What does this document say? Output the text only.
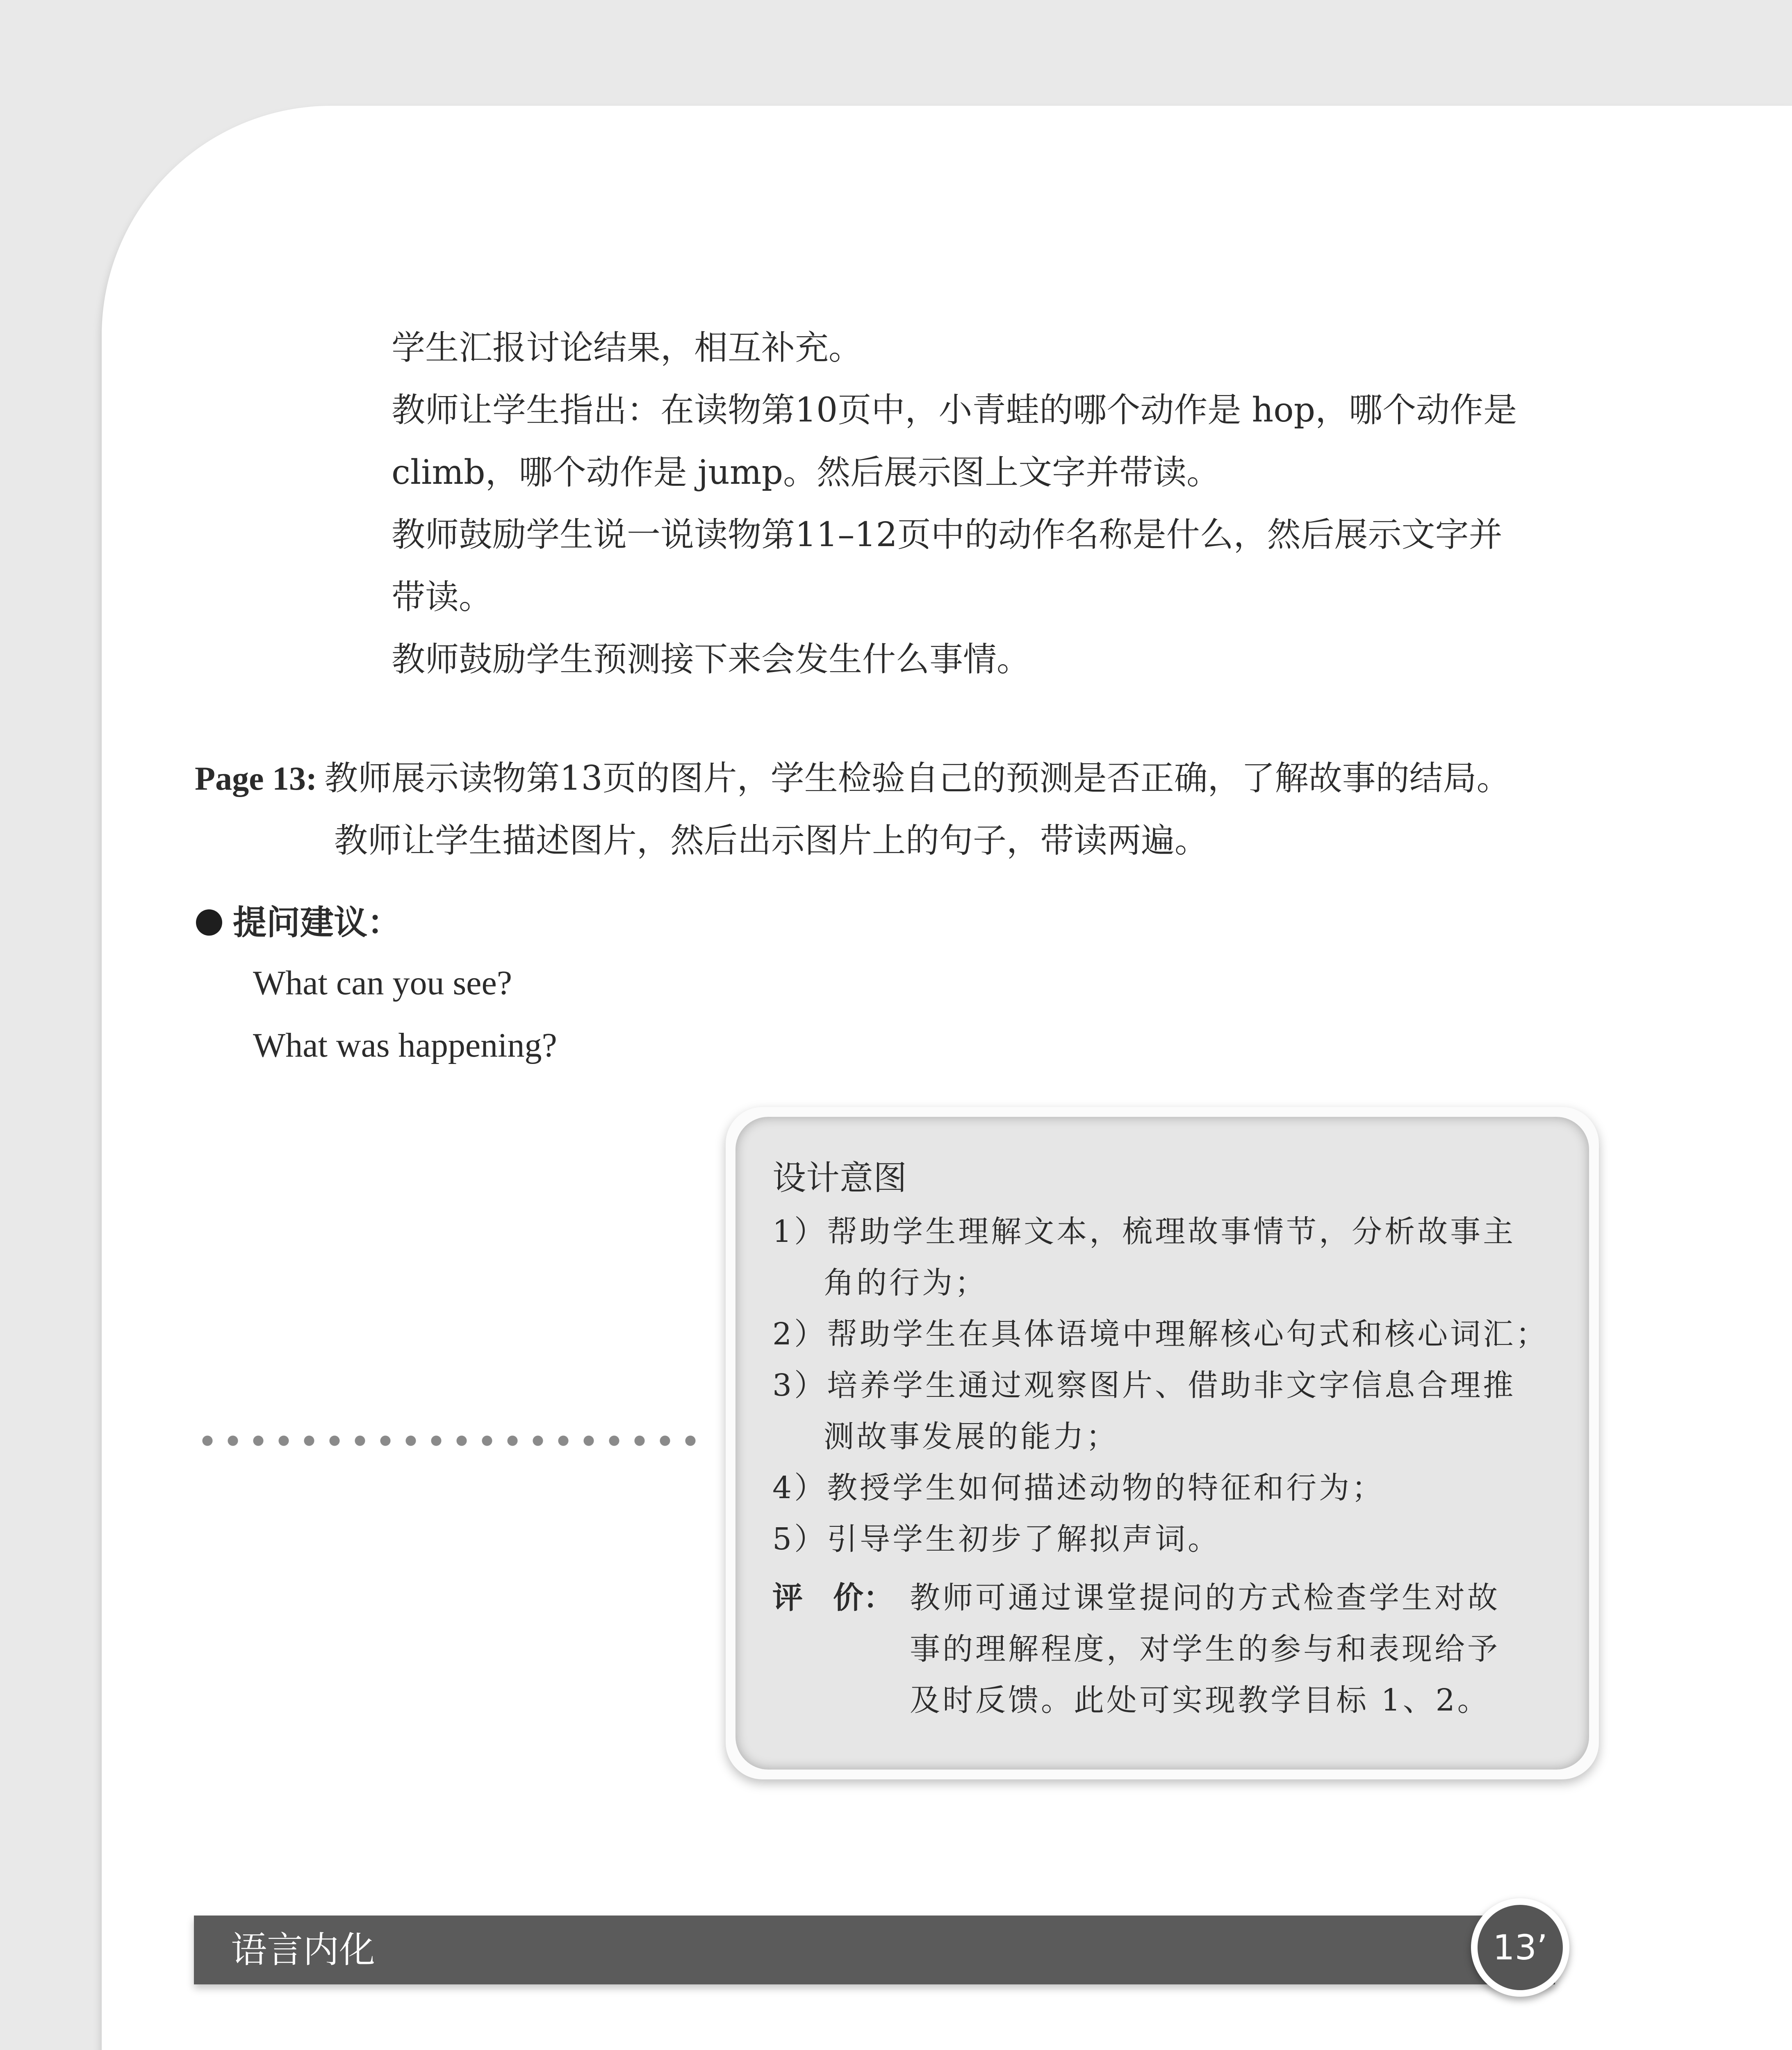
学生汇报讨论结果，相互补充。

教师让学生指出：在读物第10页中，小青蛙的哪个动作是 hop，哪个动作是

climb，哪个动作是 jump。然后展示图上文字并带读。

教师鼓励学生说一说读物第11–12页中的动作名称是什么，然后展示文字并

带读。

教师鼓励学生预测接下来会发生什么事情。

Page 13: 教师展示读物第13页的图片，学生检验自己的预测是否正确，了解故事的结局。
教师让学生描述图片，然后出示图片上的句子，带读两遍。
提问建议：

What can you see?

What was happening?

设计意图

1）帮助学生理解文本，梳理故事情节，分析故事主

角的行为；

2）帮助学生在具体语境中理解核心句式和核心词汇；

3）培养学生通过观察图片、借助非文字信息合理推

测故事发展的能力；

4）教授学生如何描述动物的特征和行为；

5）引导学生初步了解拟声词。

评　价： 教师可通过课堂提问的方式检查学生对故

事的理解程度，对学生的参与和表现给予

及时反馈。此处可实现教学目标 1、2。

语言内化	13’
